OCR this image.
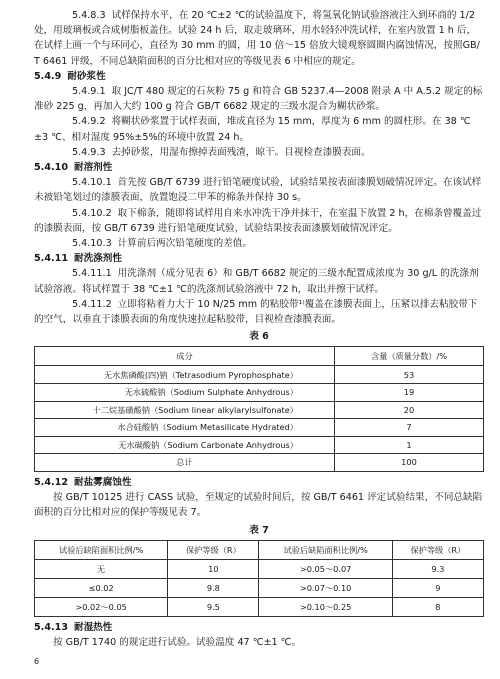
5.4.8.3 试样保持水平，在 20 ℃±2 ℃的试验温度下，将氢氧化钠试验溶液注入到环商的 1/2 处，用玻璃板或合成树脂板盖住。试验 24 h 后，取走玻璃环，用水轻轻冲洗试样，在室内放置 1 h 后，在试样上画一个与环同心，直径为 30 mm 的圆，用 10 倍～15 倍放大镜观察圆圈内腐蚀情况，按照GB/T 6461 评级，不同总缺陷面积的百分比相对应的等级见表 6 中相应的规定。

5.4.9 耐砂浆性

5.4.9.1 取 JC/T 480 规定的石灰粉 75 g 和符合 GB 5237.4—2008 附录 A 中 A.5.2 规定的标准砂 225 g，再加入大约 100 g 符合 GB/T 6682 规定的三级水混合为糊状砂浆。

5.4.9.2 将糊状砂浆置于试样表面，堆成直径为 15 mm，厚度为 6 mm 的圆柱形。在 38 ℃±3 ℃、相对湿度 95%±5%的环境中放置 24 h。

5.4.9.3 去掉砂浆，用湿布擦掉表面残渣，晾干。目视检查漆膜表面。

5.4.10 耐溶剂性

5.4.10.1 首先按 GB/T 6739 进行铅笔硬度试验，试验结果按表面漆膜划破情况评定。在该试样未被铅笔划过的漆膜表面，放置饱浸二甲苯的棉条并保持 30 s。

5.4.10.2 取下棉条，随即将试样用自来水冲洗干净并抹干，在室温下放置 2 h，在棉条曾覆盖过的漆膜表面，按 GB/T 6739 进行铅笔硬度试验，试验结果按表面漆膜划破情况评定。

5.4.10.3 计算前后两次铅笔硬度的差值。

5.4.11 耐洗涤剂性

5.4.11.1 用洗涤剂（成分见表 6）和 GB/T 6682 规定的三级水配置成浓度为 30 g/L 的洗涤剂试验溶液。将试样置于 38 ℃±1 ℃的洗涤剂试验溶液中 72 h，取出并擦干试样。

5.4.11.2 立即将粘着力大于 10 N/25 mm 的粘胶带¹⁾覆盖在漆膜表面上，压紧以排去粘胶带下的空气，以垂直于漆膜表面的角度快速拉起粘胶带，目视检查漆膜表面。

表 6

成分	含量（质量分数）/%
无水焦磷酸(四)钠（Tetrasodium Pyrophosphate）	53
无水硫酸钠（Sodium Sulphate Anhydrous）	19
十二烷基磺酸钠（Sodium linear alkylarylsulfonate）	20
水合硅酸钠（Sodium Metasilicate Hydrated）	7
无水碳酸钠（Sodium Carbonate Anhydrous）	1
总计	100

5.4.12 耐盐雾腐蚀性

按 GB/T 10125 进行 CASS 试验，至规定的试验时间后，按 GB/T 6461 评定试验结果，不同总缺陷面积的百分比相对应的保护等级见表 7。

表 7

试验后缺陷面积比例/%	保护等级（R）	试验后缺陷面积比例/%	保护等级（R）
无	10	>0.05～0.07	9.3
≤0.02	9.8	>0.07～0.10	9
>0.02～0.05	9.5	>0.10～0.25	8

5.4.13 耐湿热性

按 GB/T 1740 的规定进行试验。试验温度 47 ℃±1 ℃。

6
